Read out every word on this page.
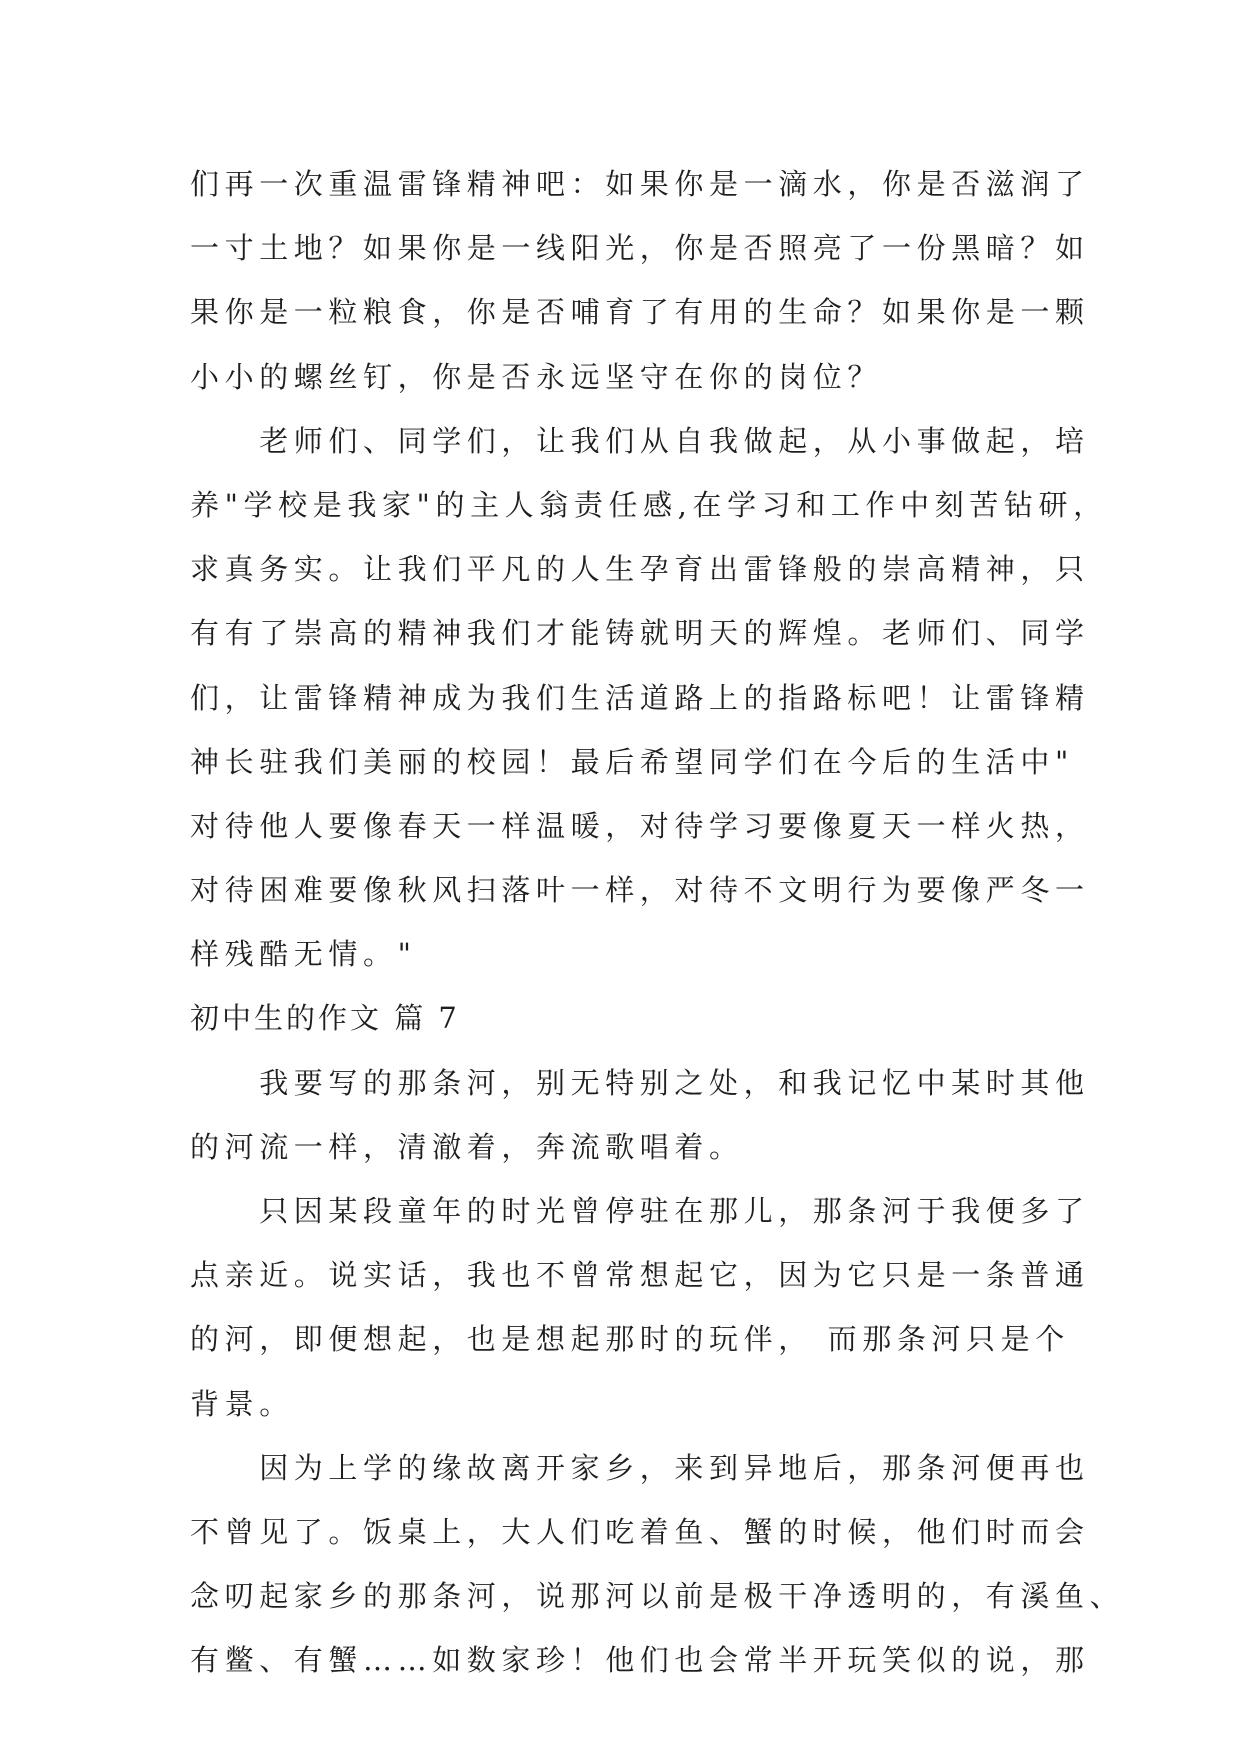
们再一次重温雷锋精神吧：如果你是一滴水，你是否滋润了
一寸土地？如果你是一线阳光，你是否照亮了一份黑暗？如
果你是一粒粮食，你是否哺育了有用的生命？如果你是一颗
小小的螺丝钉，你是否永远坚守在你的岗位？
　　老师们、同学们，让我们从自我做起，从小事做起，培
养"学校是我家"的主人翁责任感,在学习和工作中刻苦钻研，
求真务实。让我们平凡的人生孕育出雷锋般的崇高精神，只
有有了崇高的精神我们才能铸就明天的辉煌。老师们、同学
们，让雷锋精神成为我们生活道路上的指路标吧！让雷锋精
神长驻我们美丽的校园！最后希望同学们在今后的生活中"
对待他人要像春天一样温暖，对待学习要像夏天一样火热，
对待困难要像秋风扫落叶一样，对待不文明行为要像严冬一
样残酷无情。"
初中生的作文 篇 7
　　我要写的那条河，别无特别之处，和我记忆中某时其他
的河流一样，清澈着，奔流歌唱着。
　　只因某段童年的时光曾停驻在那儿，那条河于我便多了
点亲近。说实话，我也不曾常想起它，因为它只是一条普通
的河，即便想起，也是想起那时的玩伴， 而那条河只是个
背景。
　　因为上学的缘故离开家乡，来到异地后，那条河便再也
不曾见了。饭桌上，大人们吃着鱼、蟹的时候，他们时而会
念叨起家乡的那条河，说那河以前是极干净透明的，有溪鱼、
有鳖、有蟹……如数家珍！他们也会常半开玩笑似的说，那
